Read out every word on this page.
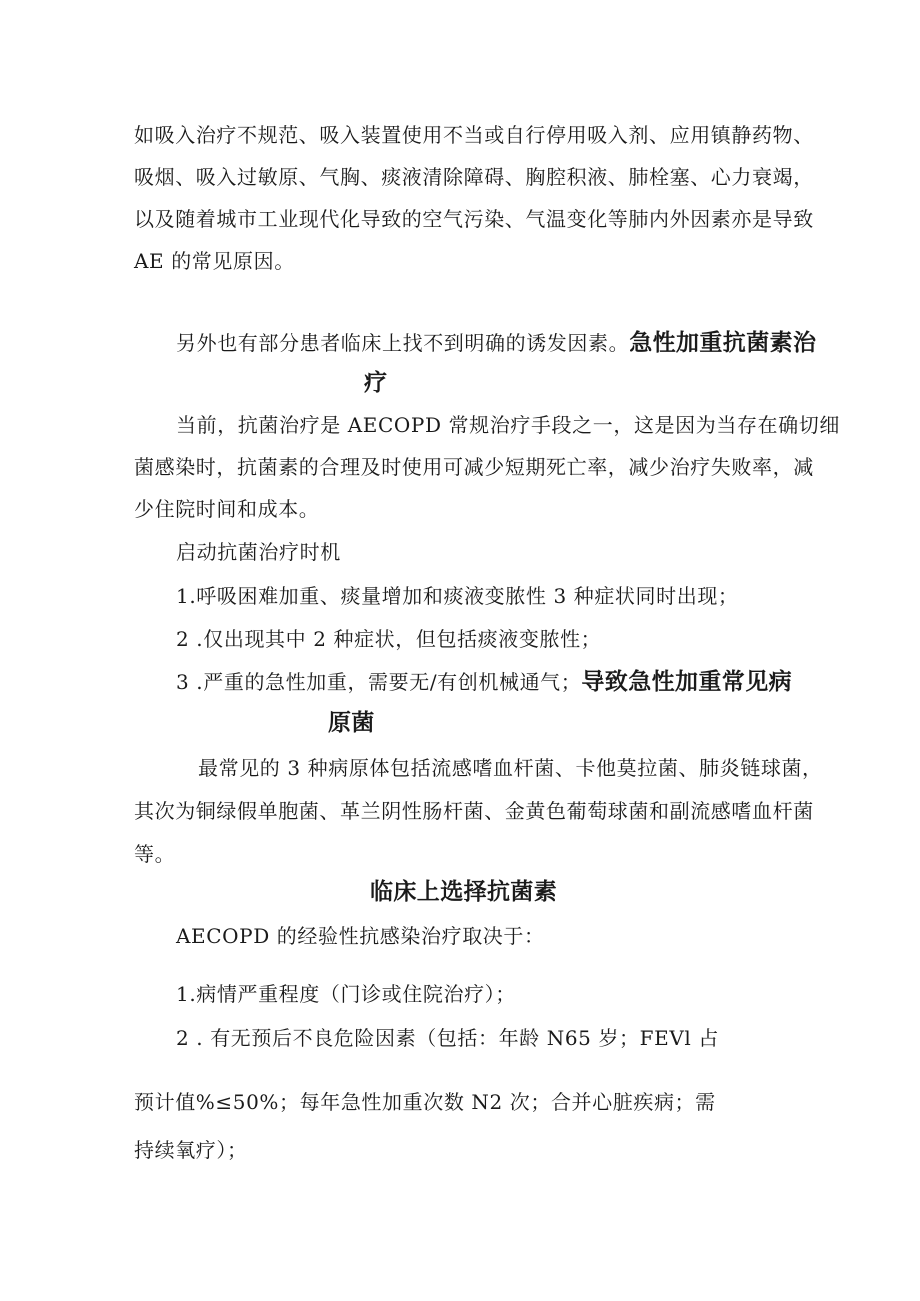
如吸入治疗不规范、吸入装置使用不当或自行停用吸入剂、应用镇静药物、
吸烟、吸入过敏原、气胸、痰液清除障碍、胸腔积液、肺栓塞、心力衰竭，
以及随着城市工业现代化导致的空气污染、气温变化等肺内外因素亦是导致
AE 的常见原因。
另外也有部分患者临床上找不到明确的诱发因素。急性加重抗菌素治
疗
当前，抗菌治疗是 AECOPD 常规治疗手段之一，这是因为当存在确切细
菌感染时，抗菌素的合理及时使用可减少短期死亡率，减少治疗失败率，减
少住院时间和成本。
启动抗菌治疗时机
1.呼吸困难加重、痰量增加和痰液变脓性 3 种症状同时出现；
2 .仅出现其中 2 种症状，但包括痰液变脓性；
3 .严重的急性加重，需要无/有创机械通气；导致急性加重常见病
原菌
最常见的 3 种病原体包括流感嗜血杆菌、卡他莫拉菌、肺炎链球菌，
其次为铜绿假单胞菌、革兰阴性肠杆菌、金黄色葡萄球菌和副流感嗜血杆菌
等。
临床上选择抗菌素
AECOPD 的经验性抗感染治疗取决于：
1.病情严重程度（门诊或住院治疗）；
2 . 有无预后不良危险因素（包括：年龄 N65 岁；FEVl 占
预计值%≤50%；每年急性加重次数 N2 次；合并心脏疾病；需
持续氧疗）；
